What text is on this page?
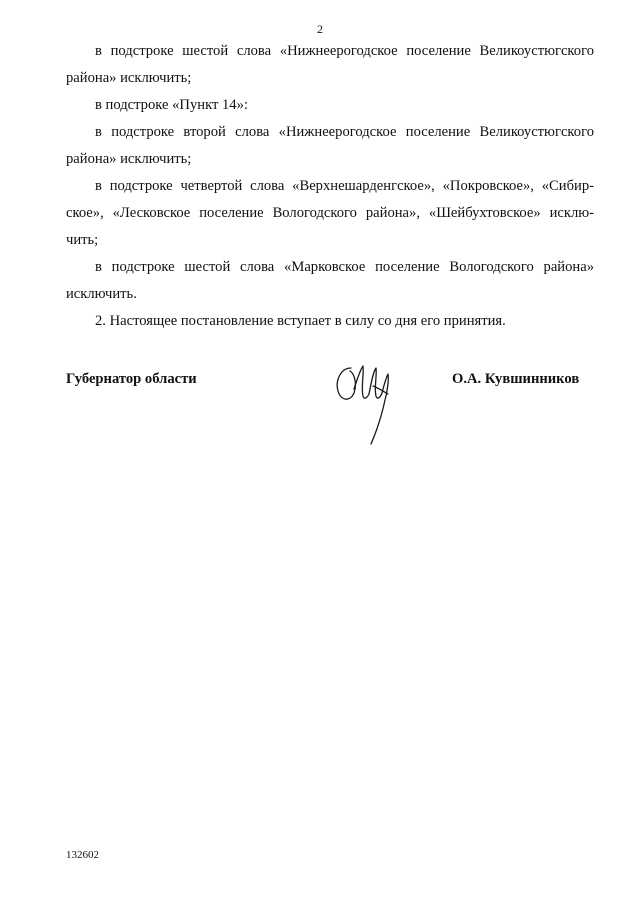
2

в подстроке шестой слова «Нижнеерогодское поселение Великоустюгского района» исключить;

в подстроке «Пункт 14»:

в подстроке второй слова «Нижнеерогодское поселение Великоустюгского района» исключить;

в подстроке четвертой слова «Верхнешарденгское», «Покровское», «Сибир-ское», «Лесковское поселение Вологодского района», «Шейбухтовское» исклю-чить;

в подстроке шестой слова «Марковское поселение Вологодского района» исключить.

2. Настоящее постановление вступает в силу со дня его принятия.

Губернатор области	О.А. Кувшинников
132602
